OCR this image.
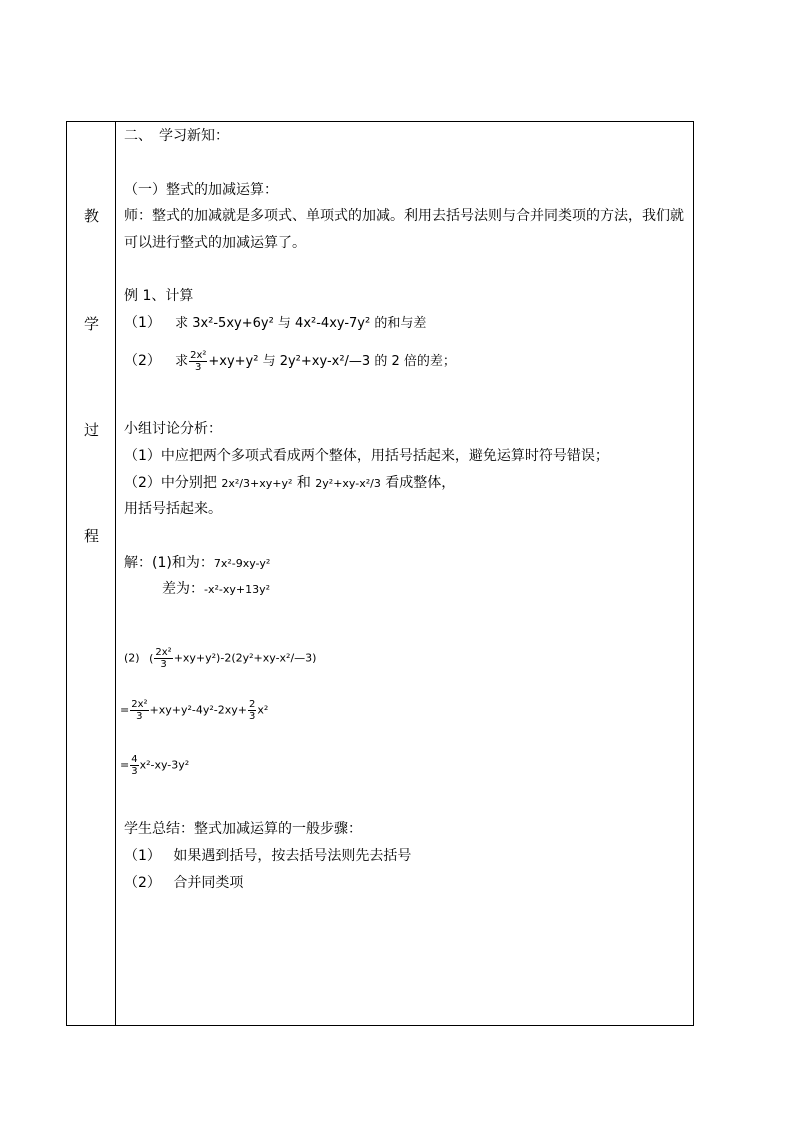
教
学
过
程
二、　学习新知：
（一）整式的加减运算：
师：整式的加减就是多项式、单项式的加减。利用去括号法则与合并同类项的方法，我们就
可以进行整式的加减运算了。
例 1、计算
（1） 求 3x²-5xy+6y² 与 4x²-4xy-7y² 的和与差
（2） 求 $\frac{\text{2x²}}{3} +xy+y^2$ 与 2y²+xy-x²/—3 的 2 倍的差；
小组讨论分析：
（1）中应把两个多项式看成两个整体，用括号括起来，避免运算时符号错误；
（2）中分别把 2x²/3+xy+y² 和 2y²+xy-x²/3 看成整体，
用括号括起来。
解：(1)和为：7x²-9xy-y²
差为：-x²-xy+13y²
(2) ( $\frac{\text{2x²}}{3}$ +xy+y²)-2(2y²+xy-x²/—3)
= $\frac{\text{2x²}}{3} +xy+y^2-4y^2-2xy+ \frac{2}{3} x^2$
= $\frac{4}{3} x^2-xy-3y^2$
学生总结：整式加减运算的一般步骤：
（1） 如果遇到括号，按去括号法则先去括号
（2） 合并同类项
